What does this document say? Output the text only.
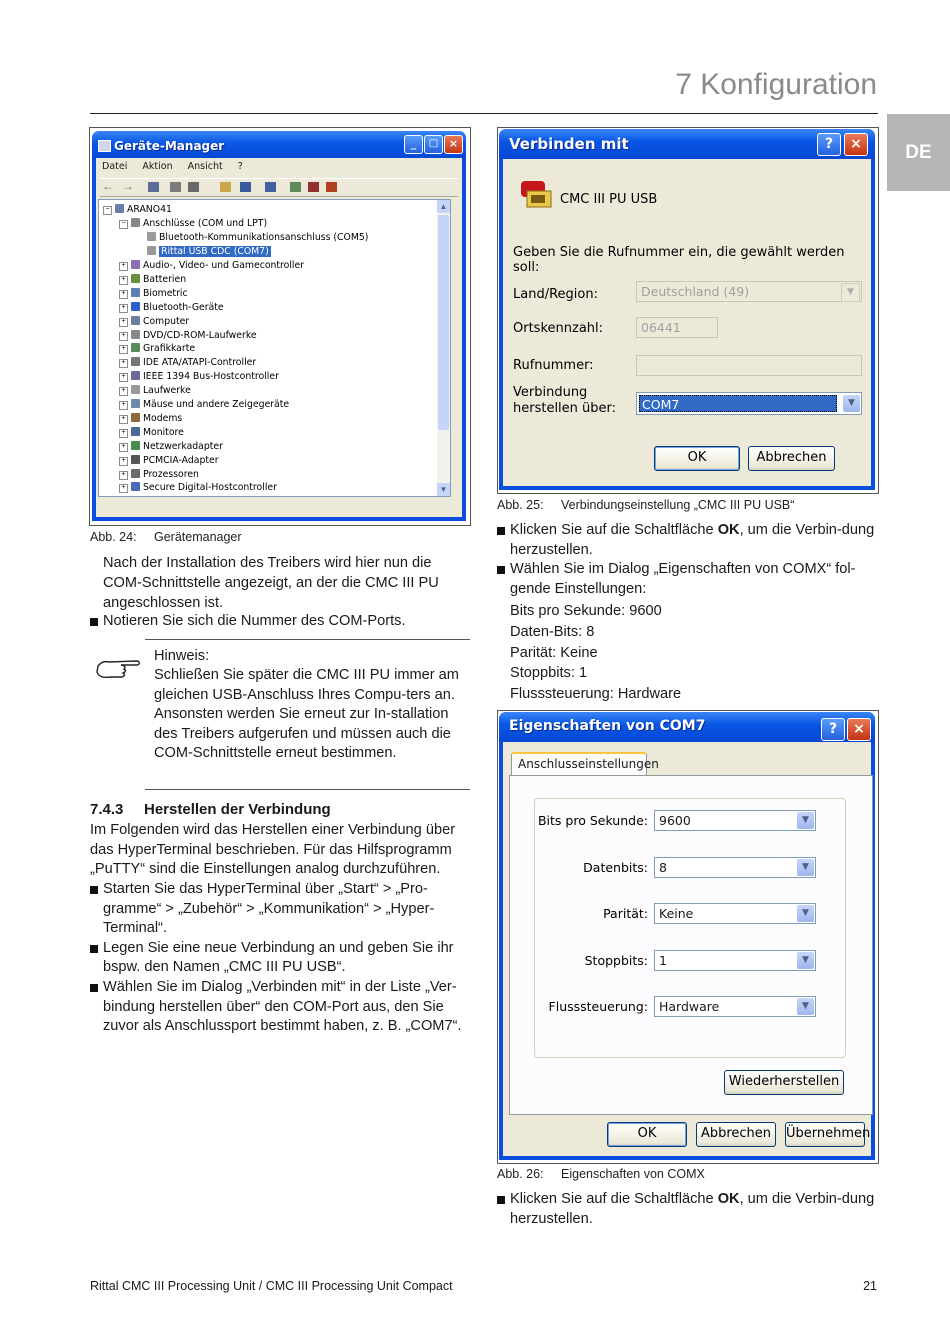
7 Konfiguration
DE
Geräte-Manager	_	□ ×
Datei Aktion Ansicht ?
← →
▲
▼
−	ARANO41
−	Anschlüsse (COM und LPT)
Bluetooth-Kommunikationsanschluss (COM5)
Rittal USB CDC (COM7)
+	Audio-, Video- und Gamecontroller
+	Batterien
+	Biometric
+	Bluetooth-Geräte
+	Computer
+	DVD/CD-ROM-Laufwerke
+	Grafikkarte
+	IDE ATA/ATAPI-Controller
+	IEEE 1394 Bus-Hostcontroller
+	Laufwerke
+	Mäuse und andere Zeigegeräte
+	Modems
+	Monitore
+	Netzwerkadapter
+	PCMCIA-Adapter
+	Prozessoren
+	Secure Digital-Hostcontroller
Abb. 24: Gerätemanager
Nach der Installation des Treibers wird hier nun die COM-Schnittstelle angezeigt, an der die CMC III PU angeschlossen ist.
Notieren Sie sich die Nummer des COM-Ports.
Hinweis:
Schließen Sie später die CMC III PU immer am gleichen USB-Anschluss Ihres Compu-ters an. Ansonsten werden Sie erneut zur In-stallation des Treibers aufgerufen und müssen auch die COM-Schnittstelle erneut bestimmen.
7.4.3 Herstellen der Verbindung
Im Folgenden wird das Herstellen einer Verbindung über das HyperTerminal beschrieben. Für das Hilfsprogramm „PuTTY“ sind die Einstellungen analog durchzuführen.
Starten Sie das HyperTerminal über „Start“ > „Pro-gramme“ > „Zubehör“ > „Kommunikation“ > „Hyper-Terminal“.
Legen Sie eine neue Verbindung an und geben Sie ihr bspw. den Namen „CMC III PU USB“.
Wählen Sie im Dialog „Verbinden mit“ in der Liste „Ver-bindung herstellen über“ den COM-Port aus, den Sie zuvor als Anschlussport bestimmt haben, z. B. „COM7“.
Verbinden mit	?	×
CMC III PU USB
Geben Sie die Rufnummer ein, die gewählt werden soll:
Land/Region:	Deutschland (49)	▼
Ortskennzahl:	06441
Rufnummer:
Verbindung
herstellen über: COM7	▼
OK	Abbrechen
Abb. 25: Verbindungseinstellung „CMC III PU USB“
Klicken Sie auf die Schaltfläche OK, um die Verbin-dung herzustellen.
Wählen Sie im Dialog „Eigenschaften von COMX“ fol-gende Einstellungen:
Bits pro Sekunde: 9600
Daten-Bits: 8
Parität: Keine
Stoppbits: 1
Flusssteuerung: Hardware
Eigenschaften von COM7	?	×
Anschlusseinstellungen
Bits pro Sekunde: 9600	▼
Datenbits: 8	▼
Parität: Keine	▼
Stoppbits: 1	▼
Flusssteuerung: Hardware	▼
Wiederherstellen
OK	Abbrechen	Übernehmen
Abb. 26: Eigenschaften von COMX
Klicken Sie auf die Schaltfläche OK, um die Verbin-dung herzustellen.
Rittal CMC III Processing Unit / CMC III Processing Unit Compact	21
